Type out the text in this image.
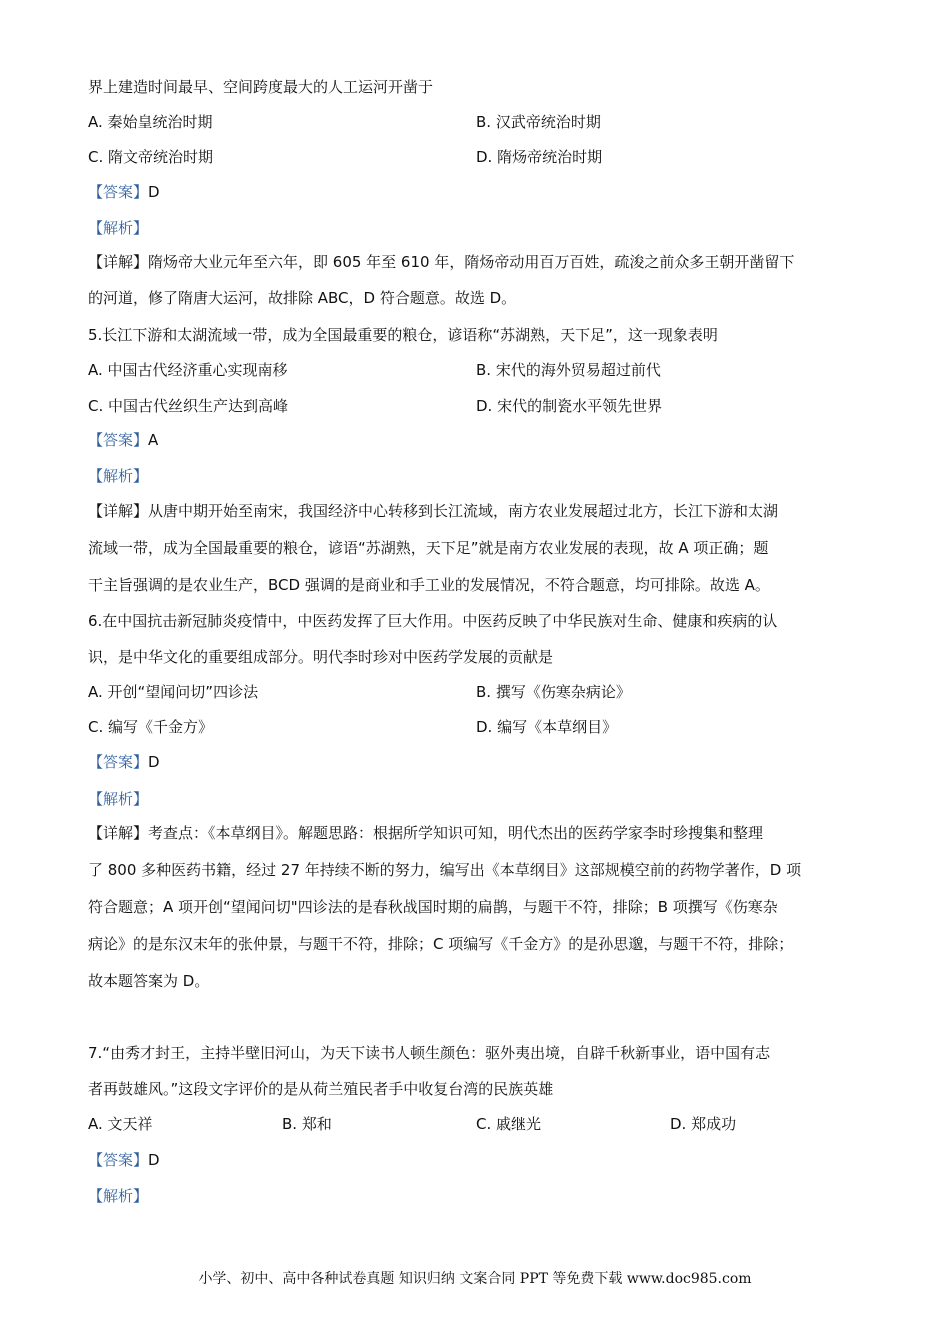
界上建造时间最早、空间跨度最大的人工运河开凿于
A. 秦始皇统治时期	B. 汉武帝统治时期
C. 隋文帝统治时期	D. 隋炀帝统治时期
【答案】D
【解析】
【详解】隋炀帝大业元年至六年，即 605 年至 610 年，隋炀帝动用百万百姓，疏浚之前众多王朝开凿留下
的河道，修了隋唐大运河，故排除 ABC，D 符合题意。故选 D。
5.长江下游和太湖流域一带，成为全国最重要的粮仓，谚语称“苏湖熟，天下足”，这一现象表明
A. 中国古代经济重心实现南移	B. 宋代的海外贸易超过前代
C. 中国古代丝织生产达到高峰	D. 宋代的制瓷水平领先世界
【答案】A
【解析】
【详解】从唐中期开始至南宋，我国经济中心转移到长江流域，南方农业发展超过北方，长江下游和太湖
流域一带，成为全国最重要的粮仓，谚语“苏湖熟，天下足”就是南方农业发展的表现，故 A 项正确；题
干主旨强调的是农业生产，BCD 强调的是商业和手工业的发展情况，不符合题意，均可排除。故选 A。
6.在中国抗击新冠肺炎疫情中，中医药发挥了巨大作用。中医药反映了中华民族对生命、健康和疾病的认
识，是中华文化的重要组成部分。明代李时珍对中医药学发展的贡献是
A. 开创“望闻问切”四诊法	B. 撰写《伤寒杂病论》
C. 编写《千金方》	D. 编写《本草纲目》
【答案】D
【解析】
【详解】考查点：《本草纲目》。解题思路：根据所学知识可知，明代杰出的医药学家李时珍搜集和整理
了 800 多种医药书籍，经过 27 年持续不断的努力，编写出《本草纲目》这部规模空前的药物学著作，D 项
符合题意；A 项开创“望闻问切"四诊法的是春秋战国时期的扁鹊，与题干不符，排除；B 项撰写《伤寒杂
病论》的是东汉末年的张仲景，与题干不符，排除；C 项编写《千金方》的是孙思邈，与题干不符，排除；
故本题答案为 D。
7.“由秀才封王，主持半壁旧河山，为天下读书人顿生颜色：驱外夷出境，自辟千秋新事业，语中国有志
者再鼓雄风。”这段文字评价的是从荷兰殖民者手中收复台湾的民族英雄
A. 文天祥	B. 郑和	C. 戚继光	D. 郑成功
【答案】D
【解析】
小学、初中、高中各种试卷真题 知识归纳 文案合同 PPT 等免费下载 www.doc985.com
